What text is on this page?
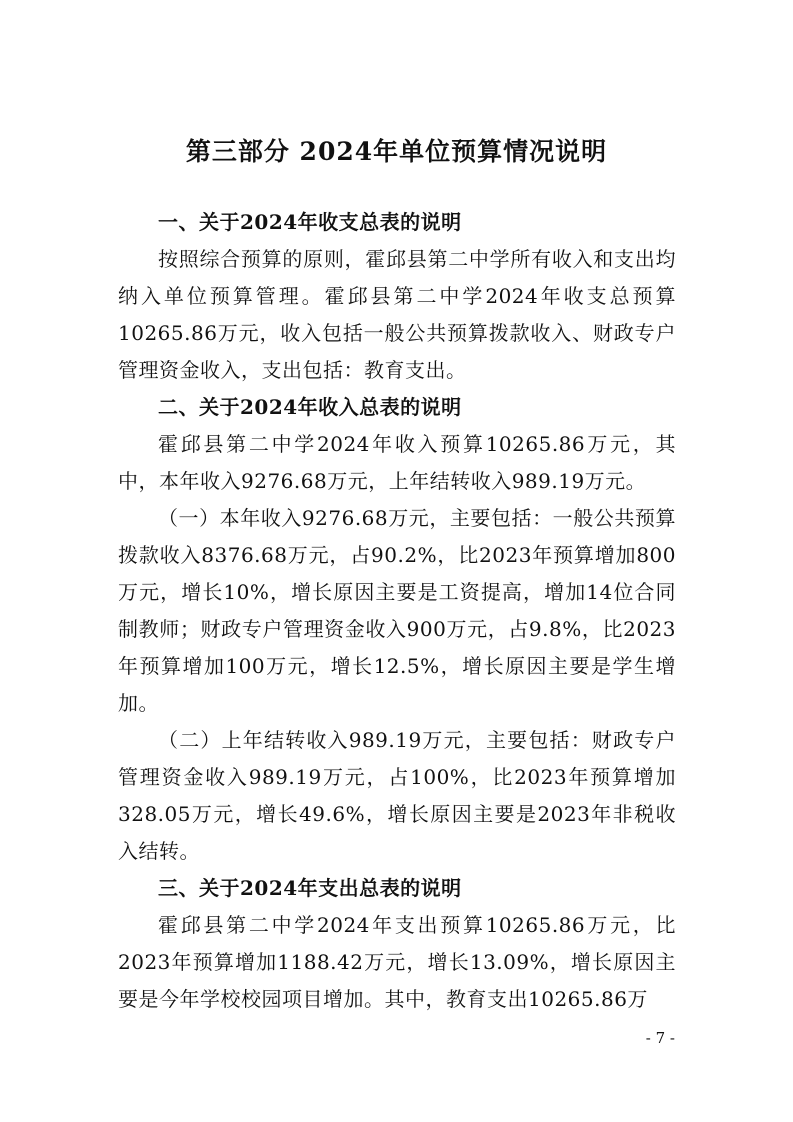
第三部分 2024年单位预算情况说明
一、关于2024年收支总表的说明

按照综合预算的原则，霍邱县第二中学所有收入和支出均纳入单位预算管理。霍邱县第二中学2024年收支总预算10265.86万元，收入包括一般公共预算拨款收入、财政专户管理资金收入，支出包括：教育支出。

二、关于2024年收入总表的说明

霍邱县第二中学2024年收入预算10265.86万元，其中，本年收入9276.68万元，上年结转收入989.19万元。

（一）本年收入9276.68万元，主要包括：一般公共预算拨款收入8376.68万元，占90.2%，比2023年预算增加800万元，增长10%，增长原因主要是工资提高，增加14位合同制教师；财政专户管理资金收入900万元，占9.8%，比2023年预算增加100万元，增长12.5%，增长原因主要是学生增加。

（二）上年结转收入989.19万元，主要包括：财政专户管理资金收入989.19万元，占100%，比2023年预算增加328.05万元，增长49.6%，增长原因主要是2023年非税收入结转。

三、关于2024年支出总表的说明

霍邱县第二中学2024年支出预算10265.86万元，比2023年预算增加1188.42万元，增长13.09%，增长原因主要是今年学校校园项目增加。其中，教育支出10265.86万

- 7 -
